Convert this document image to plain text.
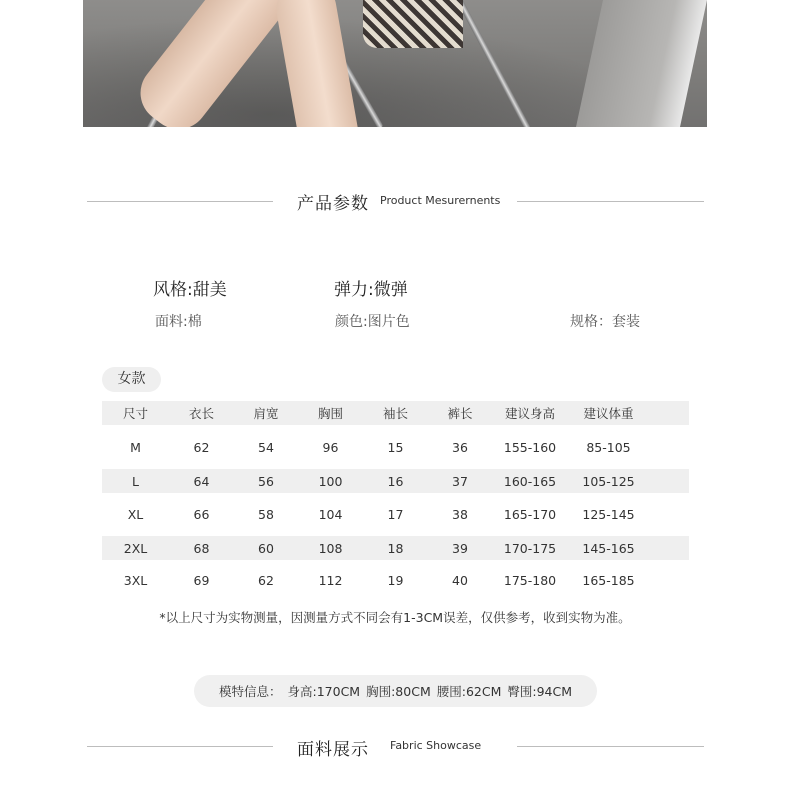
产品参数 Product Mesurernents
风格:甜美	弹力:微弹
面料:棉	颜色:图片色	规格：套装
女款
尺寸	衣长	肩宽	胸围	袖长	裤长	建议身高	建议体重
M	62	54	96	15	36	155-160	85-105
L	64	56	100	16	37	160-165	105-125
XL	66	58	104	17	38	165-170	125-145
2XL	68	60	108	18	39	170-175	145-165
3XL	69	62	112	19	40	175-180	165-185
*以上尺寸为实物测量，因测量方式不同会有1-3CM误差，仅供参考，收到实物为准。
模特信息： 身高:170CM 胸围:80CM 腰围:62CM 臀围:94CM
面料展示 Fabric Showcase
